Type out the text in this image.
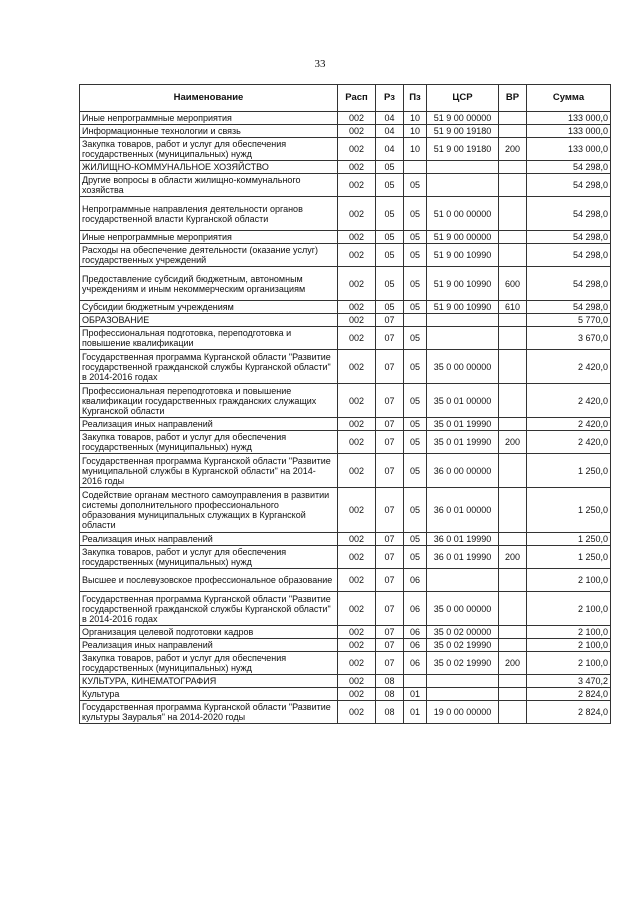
33
Наименование	Расп	Рз	Пз	ЦСР	ВР	Сумма
Иные непрограммные мероприятия	002	04	10	51 9 00 00000		133 000,0
Информационные технологии и связь	002	04	10	51 9 00 19180		133 000,0
Закупка товаров, работ и услуг для обеспечения государственных (муниципальных) нужд	002	04	10	51 9 00 19180	200	133 000,0
ЖИЛИЩНО-КОММУНАЛЬНОЕ ХОЗЯЙСТВО	002	05				54 298,0
Другие вопросы в области жилищно-коммунального хозяйства	002	05	05			54 298,0
Непрограммные направления деятельности органов государственной власти Курганской области	002	05	05	51 0 00 00000		54 298,0
Иные непрограммные мероприятия	002	05	05	51 9 00 00000		54 298,0
Расходы на обеспечение деятельности (оказание услуг) государственных учреждений	002	05	05	51 9 00 10990		54 298,0
Предоставление субсидий бюджетным, автономным учреждениям и иным некоммерческим организациям	002	05	05	51 9 00 10990	600	54 298,0
Субсидии бюджетным учреждениям	002	05	05	51 9 00 10990	610	54 298,0
ОБРАЗОВАНИЕ	002	07				5 770,0
Профессиональная подготовка, переподготовка и повышение квалификации	002	07	05			3 670,0
Государственная программа Курганской области "Развитие государственной гражданской службы Курганской области" в 2014-2016 годах	002	07	05	35 0 00 00000		2 420,0
Профессиональная переподготовка и повышение квалификации государственных гражданских служащих Курганской области	002	07	05	35 0 01 00000		2 420,0
Реализация иных направлений	002	07	05	35 0 01 19990		2 420,0
Закупка товаров, работ и услуг для обеспечения государственных (муниципальных) нужд	002	07	05	35 0 01 19990	200	2 420,0
Государственная программа Курганской области "Развитие муниципальной службы в Курганской области" на 2014-2016 годы	002	07	05	36 0 00 00000		1 250,0
Содействие органам местного самоуправления в развитии системы дополнительного профессионального образования муниципальных служащих в Курганской области	002	07	05	36 0 01 00000		1 250,0
Реализация иных направлений	002	07	05	36 0 01 19990		1 250,0
Закупка товаров, работ и услуг для обеспечения государственных (муниципальных) нужд	002	07	05	36 0 01 19990	200	1 250,0
Высшее и послевузовское профессиональное образование	002	07	06			2 100,0
Государственная программа Курганской области "Развитие государственной гражданской службы Курганской области" в 2014-2016 годах	002	07	06	35 0 00 00000		2 100,0
Организация целевой подготовки кадров	002	07	06	35 0 02 00000		2 100,0
Реализация иных направлений	002	07	06	35 0 02 19990		2 100,0
Закупка товаров, работ и услуг для обеспечения государственных (муниципальных) нужд	002	07	06	35 0 02 19990	200	2 100,0
КУЛЬТУРА, КИНЕМАТОГРАФИЯ	002	08				3 470,2
Культура	002	08	01			2 824,0
Государственная программа Курганской области "Развитие культуры Зауралья" на 2014-2020 годы	002	08	01	19 0 00 00000		2 824,0
